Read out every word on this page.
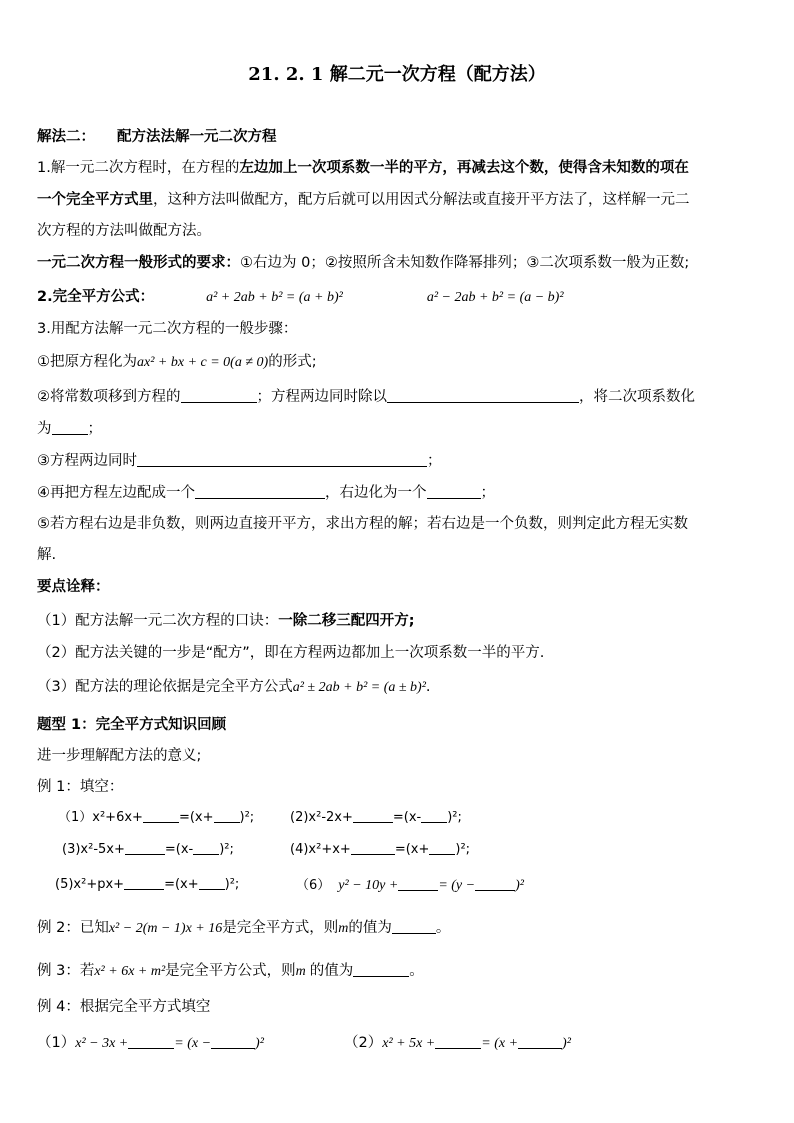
21. 2. 1 解二元一次方程（配方法）
解法二： 配方法法解一元二次方程
1.解一元二次方程时，在方程的左边加上一次项系数一半的平方，再减去这个数，使得含未知数的项在
一个完全平方式里，这种方法叫做配方，配方后就可以用因式分解法或直接开平方法了，这样解一元二
次方程的方法叫做配方法。
一元二次方程一般形式的要求：①右边为 0；②按照所含未知数作降幂排列；③二次项系数一般为正数;
2.完全平方公式：	a² + 2ab + b² = (a + b)²	a² − 2ab + b² = (a − b)²
3.用配方法解一元二次方程的一般步骤：
①把原方程化为ax² + bx + c = 0(a ≠ 0)的形式;
②将常数项移到方程的	；方程两边同时除以	，将二次项系数化
为 ；
③方程两边同时	；
④再把方程左边配成一个	，右边化为一个	；
⑤若方程右边是非负数，则两边直接开平方，求出方程的解；若右边是一个负数，则判定此方程无实数
解.
要点诠释：
（1）配方法解一元二次方程的口诀：一除二移三配四开方;
（2）配方法关键的一步是“配方”，即在方程两边都加上一次项系数一半的平方.
（3）配方法的理论依据是完全平方公式a² ± 2ab + b² = (a ± b)².
题型 1：完全平方式知识回顾
进一步理解配方法的意义;
例 1：填空：
（1）x²+6x+	=(x+ )²;	(2)x²-2x+	=(x- )²;
(3)x²-5x+	=(x- )²;	(4)x²+x+	=(x+ )²;
(5)x²+px+	=(x+ )²;	（6） y² − 10y +	= (y −	)²
例 2：已知x² − 2(m − 1)x + 16是完全平方式，则m的值为	。
例 3：若x² + 6x + m²是完全平方公式，则m 的值为	。
例 4：根据完全平方式填空
（1）x² − 3x +	= (x −	)²	（2）x² + 5x +	= (x +	)²
